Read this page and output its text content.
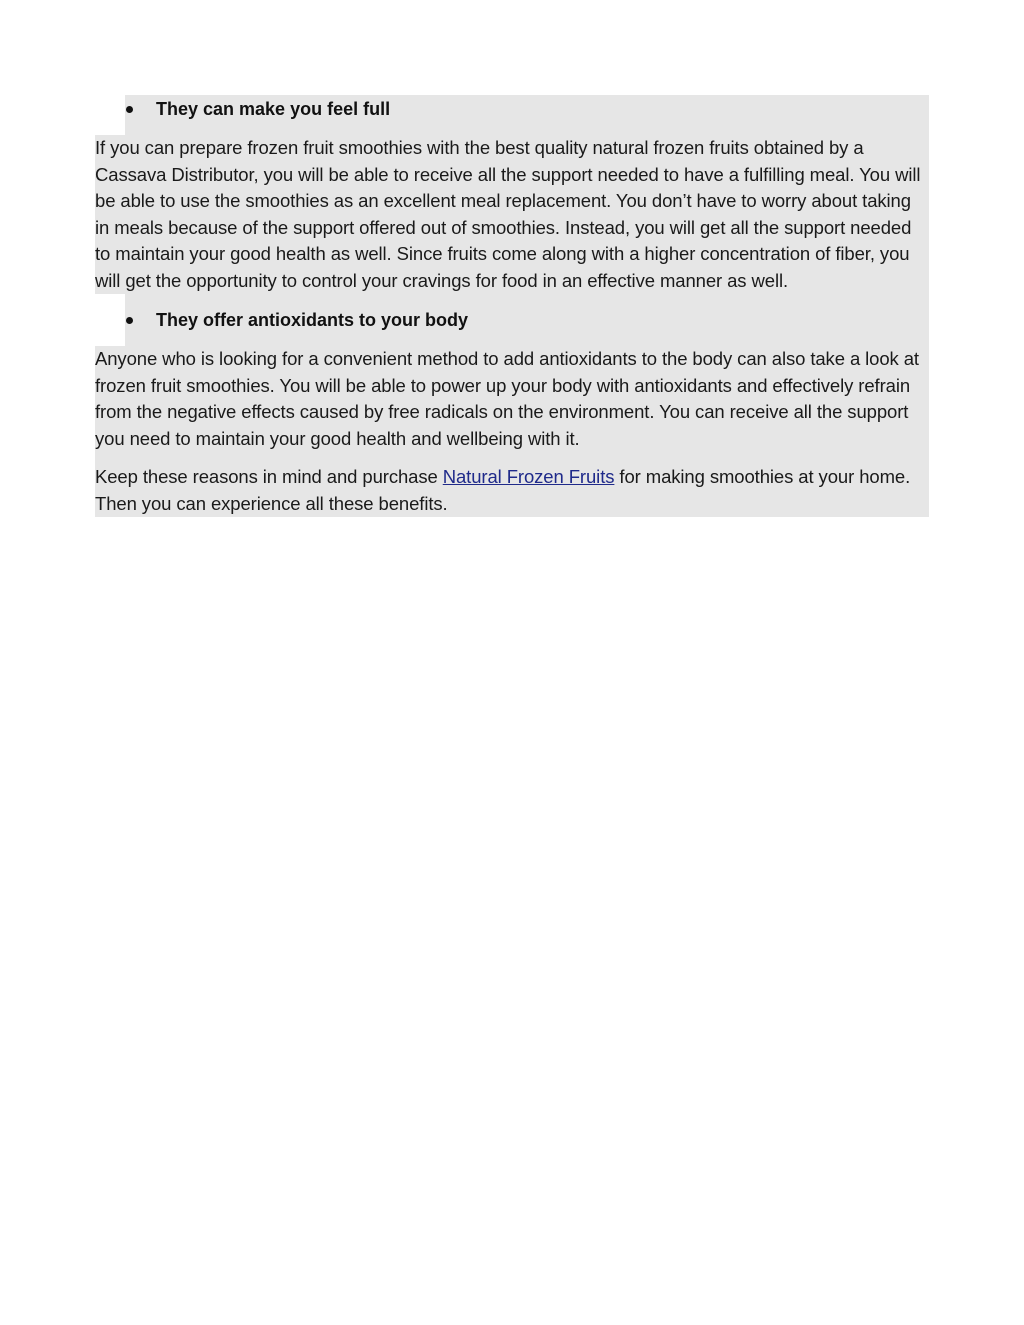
They can make you feel full

If you can prepare frozen fruit smoothies with the best quality natural frozen fruits obtained by a Cassava Distributor, you will be able to receive all the support needed to have a fulfilling meal. You will be able to use the smoothies as an excellent meal replacement. You don’t have to worry about taking in meals because of the support offered out of smoothies. Instead, you will get all the support needed to maintain your good health as well. Since fruits come along with a higher concentration of fiber, you will get the opportunity to control your cravings for food in an effective manner as well.

They offer antioxidants to your body

Anyone who is looking for a convenient method to add antioxidants to the body can also take a look at frozen fruit smoothies. You will be able to power up your body with antioxidants and effectively refrain from the negative effects caused by free radicals on the environment. You can receive all the support you need to maintain your good health and wellbeing with it.

Keep these reasons in mind and purchase Natural Frozen Fruits for making smoothies at your home. Then you can experience all these benefits.
